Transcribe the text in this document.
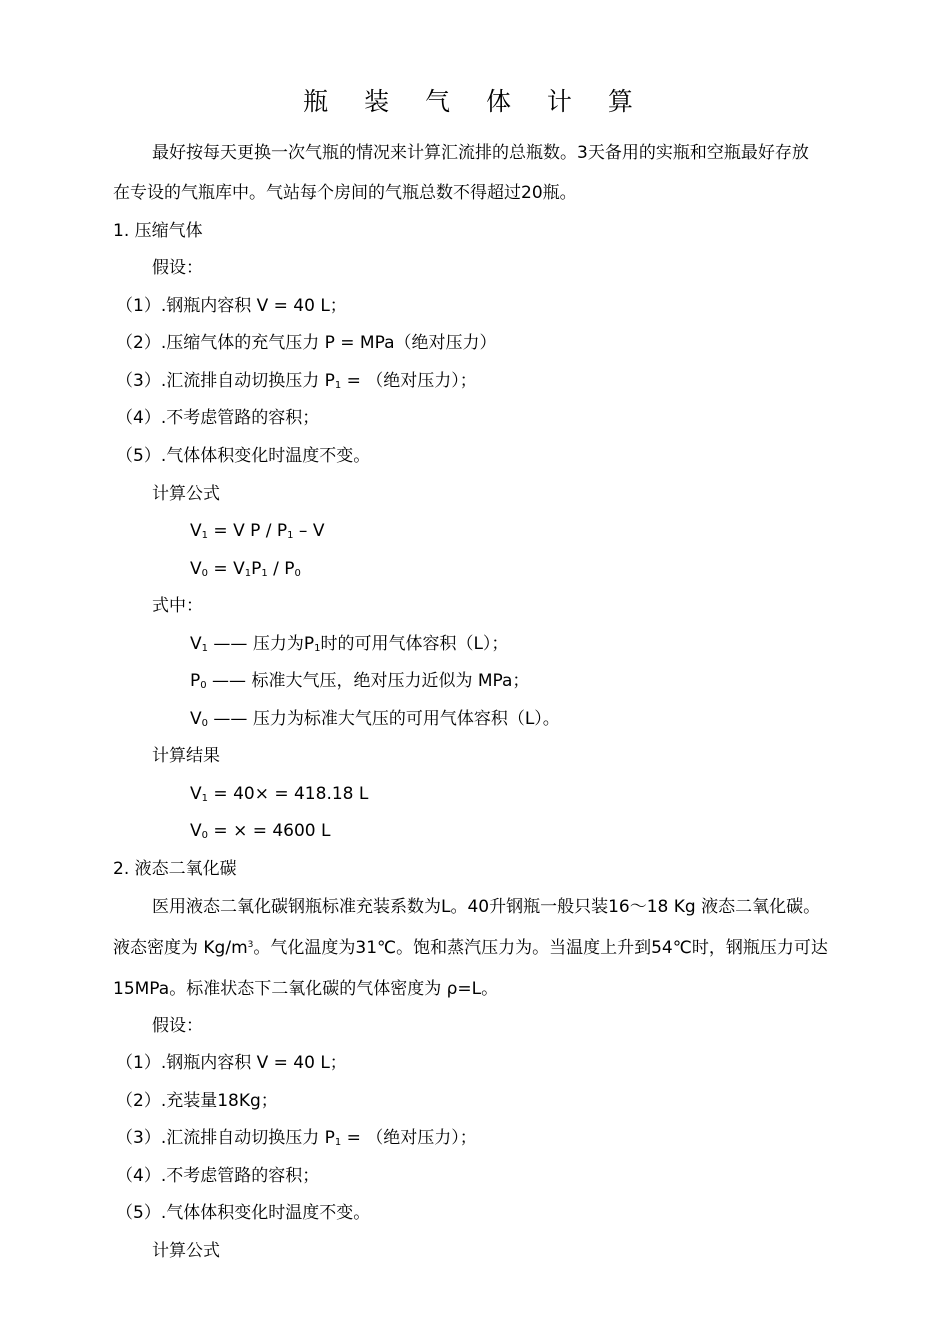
瓶 装 气 体 计 算
最好按每天更换一次气瓶的情况来计算汇流排的总瓶数。3天备用的实瓶和空瓶最好存放
在专设的气瓶库中。气站每个房间的气瓶总数不得超过20瓶。
1. 压缩气体
假设：
（1）.钢瓶内容积 V = 40 L；
（2）.压缩气体的充气压力 P = MPa（绝对压力）
（3）.汇流排自动切换压力 $P_1$ = （绝对压力）；
（4）.不考虑管路的容积；
（5）.气体体积变化时温度不变。
计算公式
$V_1 = V$ P / $P_1$ – V
$V_0 = V_1P_1 / P_0$
式中：
$V_1$ —— 压力为$P_1$时的可用气体容积（L）；
$P_0$ —— 标准大气压，绝对压力近似为 MPa；
$V_0$ —— 压力为标准大气压的可用气体容积（L）。
计算结果
$V_1 = 40\times = 418.18$ L
$V_0$ = × = 4600 L
2. 液态二氧化碳
医用液态二氧化碳钢瓶标准充装系数为L。40升钢瓶一般只装16～18 Kg 液态二氧化碳。
液态密度为 $Kg/m^3$。气化温度为31℃。饱和蒸汽压力为。当温度上升到54℃时，钢瓶压力可达
15MPa。标准状态下二氧化碳的气体密度为 ρ=L。
假设：
（1）.钢瓶内容积 V = 40 L；
（2）.充装量18Kg；
（3）.汇流排自动切换压力 $P_1$ = （绝对压力）；
（4）.不考虑管路的容积；
（5）.气体体积变化时温度不变。
计算公式
